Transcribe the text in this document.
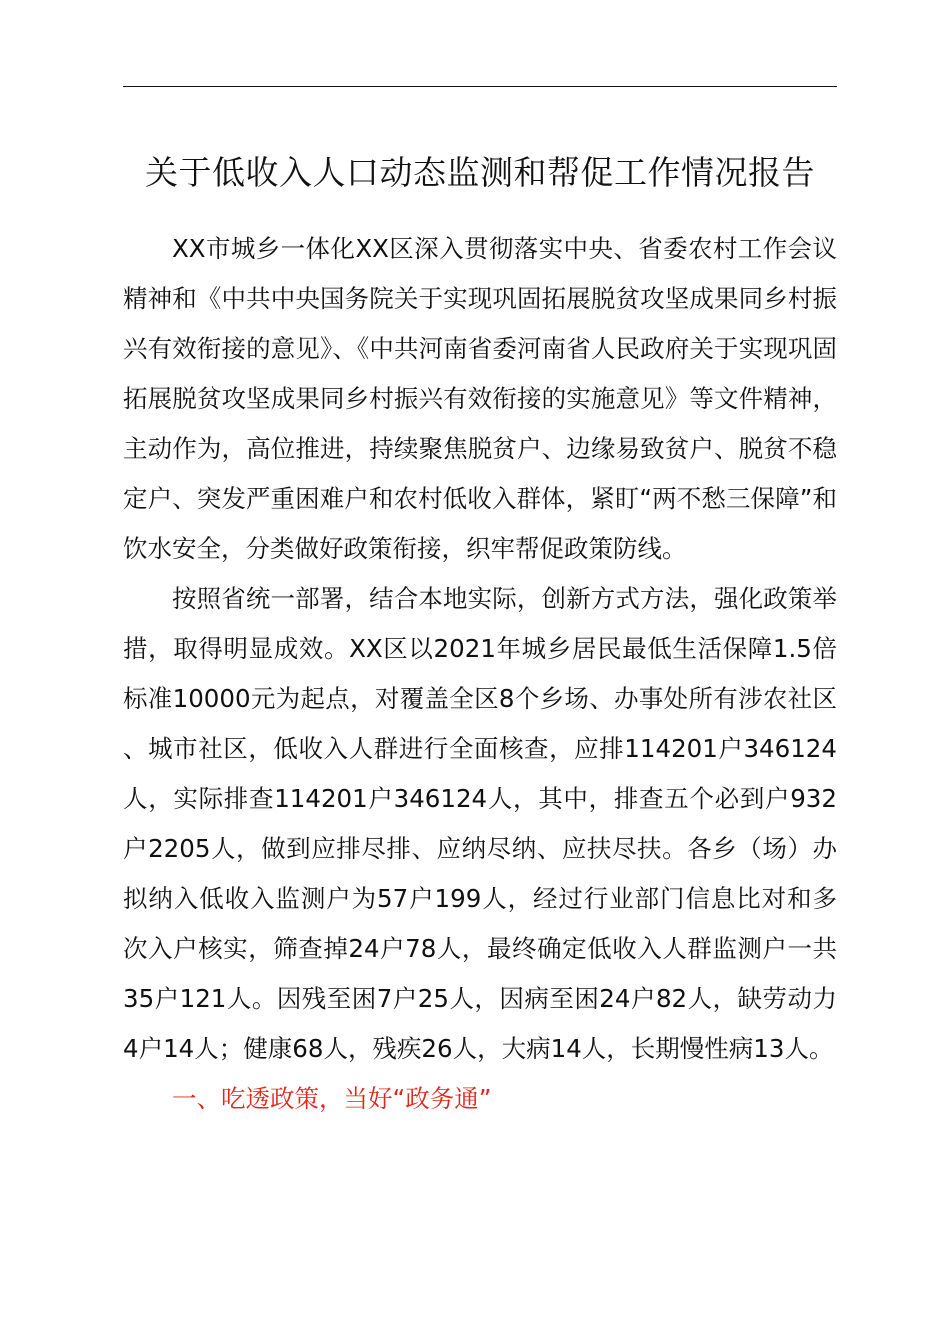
关于低收入人口动态监测和帮促工作情况报告

XX市城乡一体化XX区深入贯彻落实中央、省委农村工作会议精神和《中共中央国务院关于实现巩固拓展脱贫攻坚成果同乡村振兴有效衔接的意见》、《中共河南省委河南省人民政府关于实现巩固拓展脱贫攻坚成果同乡村振兴有效衔接的实施意见》等文件精神，主动作为，高位推进，持续聚焦脱贫户、边缘易致贫户、脱贫不稳定户、突发严重困难户和农村低收入群体，紧盯“两不愁三保障”和饮水安全，分类做好政策衔接，织牢帮促政策防线。

按照省统一部署，结合本地实际，创新方式方法，强化政策举措，取得明显成效。XX区以2021年城乡居民最低生活保障1.5倍标准10000元为起点，对覆盖全区8个乡场、办事处所有涉农社区、城市社区，低收入人群进行全面核查，应排114201户346124人，实际排查114201户346124人，其中，排查五个必到户932户2205人，做到应排尽排、应纳尽纳、应扶尽扶。各乡（场）办拟纳入低收入监测户为57户199人，经过行业部门信息比对和多次入户核实，筛查掉24户78人，最终确定低收入人群监测户一共35户121人。因残至困7户25人，因病至困24户82人，缺劳动力4户14人；健康68人，残疾26人，大病14人，长期慢性病13人。

一、吃透政策，当好“政务通”
